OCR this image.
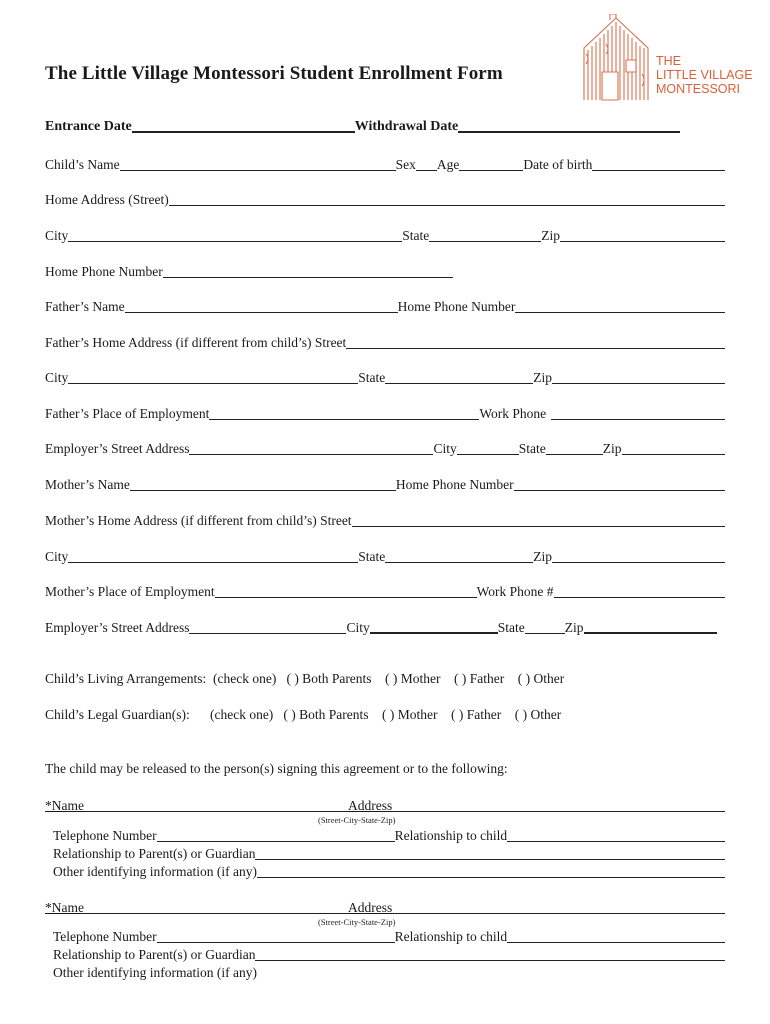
The Little Village Montessori Student Enrollment Form
THE
LITTLE VILLAGE
MONTESSORI
Entrance Date	Withdrawal Date
Child’s Name	Sex Age	Date of birth
Home Address (Street)
City	State	Zip
Home Phone Number
Father’s Name	Home Phone Number
Father’s Home Address (if different from child’s) Street
City	State	Zip
Father’s Place of Employment	Work Phone
Employer’s Street Address	City	State	Zip
Mother’s Name	Home Phone Number
Mother’s Home Address (if different from child’s) Street
City	State	Zip
Mother’s Place of Employment	Work Phone #
Employer’s Street Address	City	State	Zip
Child’s Living Arrangements:  (check one)   ( ) Both Parents    ( ) Mother    ( ) Father    ( ) Other
Child’s Legal Guardian(s):      (check one)   ( ) Both Parents    ( ) Mother    ( ) Father    ( ) Other
The child may be released to the person(s) signing this agreement or to the following:
*Name	Address
(Street-City-State-Zip)
Telephone Number	Relationship to child
Relationship to Parent(s) or Guardian
Other identifying information (if any)
*Name	Address
(Street-City-State-Zip)
Telephone Number	Relationship to child
Relationship to Parent(s) or Guardian
Other identifying information (if any)
